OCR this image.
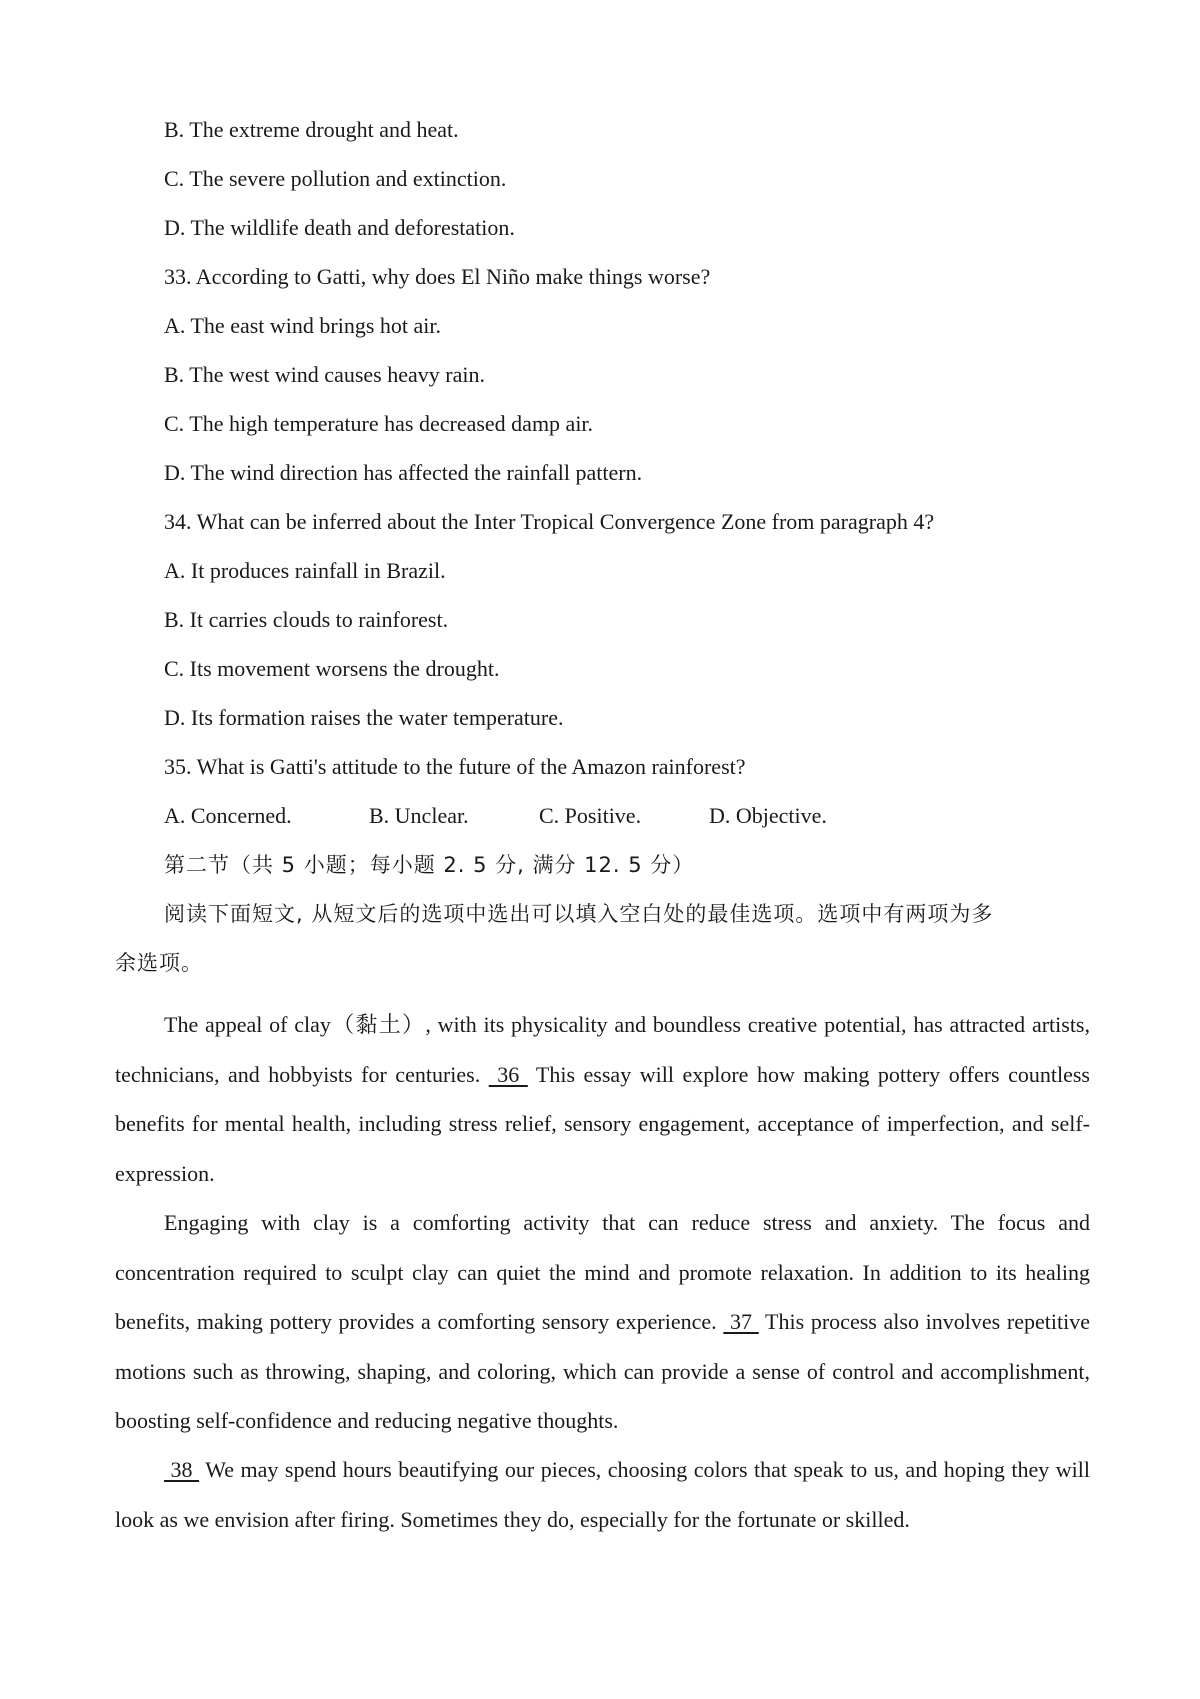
B. The extreme drought and heat.
C. The severe pollution and extinction.
D. The wildlife death and deforestation.
33. According to Gatti, why does El Niño make things worse?
A. The east wind brings hot air.
B. The west wind causes heavy rain.
C. The high temperature has decreased damp air.
D. The wind direction has affected the rainfall pattern.
34. What can be inferred about the Inter Tropical Convergence Zone from paragraph 4?
A. It produces rainfall in Brazil.
B. It carries clouds to rainforest.
C. Its movement worsens the drought.
D. Its formation raises the water temperature.
35. What is Gatti's attitude to the future of the Amazon rainforest?
A. Concerned.	B. Unclear.	C. Positive.	D. Objective.
第二节（共 5 小题；每小题 2. 5 分, 满分 12. 5 分）
阅读下面短文, 从短文后的选项中选出可以填入空白处的最佳选项。选项中有两项为多
余选项。

The appeal of clay（黏土）, with its physicality and boundless creative potential, has attracted artists, technicians, and hobbyists for centuries.  36  This essay will explore how making pottery offers countless benefits for mental health, including stress relief, sensory engagement, acceptance of imperfection, and self-expression.

Engaging with clay is a comforting activity that can reduce stress and anxiety. The focus and concentration required to sculpt clay can quiet the mind and promote relaxation. In addition to its healing benefits, making pottery provides a comforting sensory experience.  37  This process also involves repetitive motions such as throwing, shaping, and coloring, which can provide a sense of control and accomplishment, boosting self-confidence and reducing negative thoughts.

38  We may spend hours beautifying our pieces, choosing colors that speak to us, and hoping they will look as we envision after firing. Sometimes they do, especially for the fortunate or skilled.
